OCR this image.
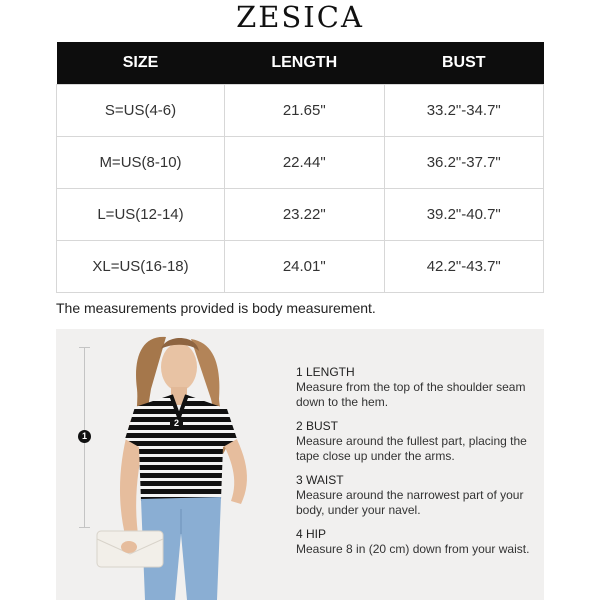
ZESICA
SIZE	LENGTH	BUST
S=US(4-6)	21.65"	33.2"-34.7"
M=US(8-10)	22.44"	36.2"-37.7"
L=US(12-14)	23.22"	39.2"-40.7"
XL=US(16-18)	24.01"	42.2"-43.7"
The measurements provided is body measurement.
1
2
1 LENGTH
Measure from the top of the shoulder seam down to the hem.
2 BUST
Measure around the fullest part, placing the tape close up under the arms.
3 WAIST
Measure around the narrowest part of your body, under your navel.
4 HIP
Measure 8 in (20 cm) down from your waist.
